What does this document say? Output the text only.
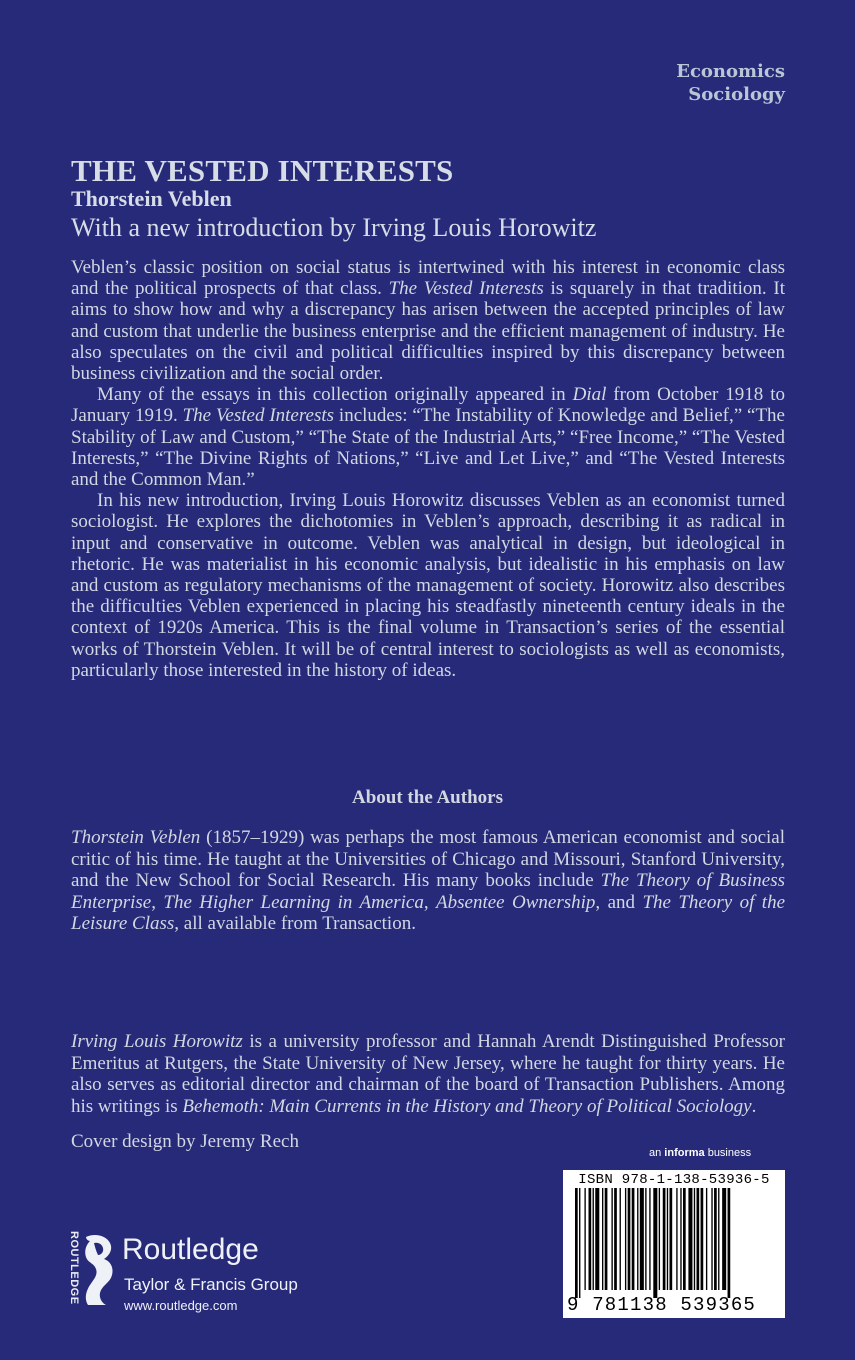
Economics
Sociology
THE VESTED INTERESTS
Thorstein Veblen
With a new introduction by Irving Louis Horowitz

Veblen’s classic position on social status is intertwined with his interest in economic class and the political prospects of that class. The Vested Interests is squarely in that tradition. It aims to show how and why a discrepancy has arisen between the accepted principles of law and custom that underlie the business enterprise and the efficient management of industry. He also speculates on the civil and political difficulties inspired by this discrepancy between business civilization and the social order.

Many of the essays in this collection originally appeared in Dial from October 1918 to January 1919. The Vested Interests includes: “The Instability of Knowledge and Belief,” “The Stability of Law and Custom,” “The State of the Industrial Arts,” “Free Income,” “The Vested Interests,” “The Divine Rights of Nations,” “Live and Let Live,” and “The Vested Interests and the Common Man.”

In his new introduction, Irving Louis Horowitz discusses Veblen as an economist turned sociologist. He explores the dichotomies in Veblen’s approach, describing it as radical in input and conservative in outcome. Veblen was analytical in design, but ideological in rhetoric. He was materialist in his economic analysis, but idealistic in his emphasis on law and custom as regulatory mechanisms of the management of society. Horowitz also describes the difficulties Veblen experienced in placing his steadfastly nineteenth century ideals in the context of 1920s America. This is the final volume in Transaction’s series of the essential works of Thorstein Veblen. It will be of central interest to sociologists as well as economists, particularly those interested in the history of ideas.

About the Authors
Thorstein Veblen (1857–1929) was perhaps the most famous American economist and social critic of his time. He taught at the Universities of Chicago and Missouri, Stanford University, and the New School for Social Research. His many books include The Theory of Business Enterprise, The Higher Learning in America, Absentee Ownership, and The Theory of the Leisure Class, all available from Transaction.
Irving Louis Horowitz is a university professor and Hannah Arendt Distinguished Professor Emeritus at Rutgers, the State University of New Jersey, where he taught for thirty years. He also serves as editorial director and chairman of the board of Transaction Publishers. Among his writings is Behemoth: Main Currents in the History and Theory of Political Sociology.
Cover design by Jeremy Rech
ROUTLEDGE Routledge
Taylor & Francis Group
www.routledge.com
an informa business
ISBN 978-1-138-53936-5
9 781138 539365
